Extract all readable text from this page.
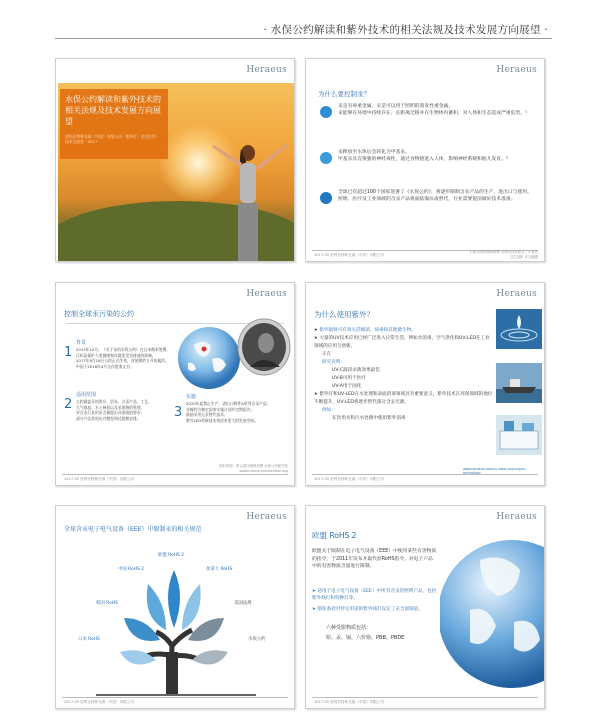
· 水俣公约解读和紫外技术的相关法规及技术发展方向展望 ·
Heraeus
水俣公约解读和紫外技术的相关法规及技术发展方向展望
贺利氏特种光源（中国）有限公司 · 紫外灯 · 光学应用 · 技术交流会 · 2017
Heraeus
为什么要控制汞？
汞是有毒重金属。汞是可以用于照明的蒸发性重金属。
汞能够在环境中持续存在、长距离迁移并在生物体内蓄积，对人体和生态造成严重危害。¹
汞释放至水体后会转化为甲基汞。
甲基汞具有很强的神经毒性，通过食物链进入人体，影响神经系统和胎儿发育。²
全球已有超过100个国家签署了《水俣公约》，将逐步限制含汞产品的生产、进出口与使用。
照明、医疗及工业领域的含汞产品将面临淘汰或替代，行业需要提前做好技术准备。
2017-05 贺利氏特种光源（中国）有限公司
1 联合国环境规划署 全球汞评估报告；2 世界卫生组织 汞与健康
Heraeus
控制全球汞污染的公约
1
背景
2013年10月，《关于汞的水俣公约》在日本熊本签署，
目标是保护人类健康和环境免受汞排放的影响。
2017年8月16日公约正式生效，首批缔约方开始履约。
中国于2016年4月交存批准文书。
2
适用范围
公约涵盖汞的供应、贸易、含汞产品、工艺、
大气排放、水土释放以及汞废物的管理。
对含汞灯具的汞含量提出具体限值要求；
部分产品类别允许豁免和过渡期安排。	3
实施
2020年起禁止生产、进出口附件A所列含汞产品；
各缔约方制定国家实施计划并定期报告；
鼓励采用无汞替代技术。
紫外LED等新技术将迎来更大的发展空间。
2017-05 贺利氏特种光源（中国）有限公司
资料来源：联合国环境规划署 水俣公约秘书处 www.mercuryconvention.org
Heraeus
为什么使用紫外？
➤ 紫外辐射可有效灭活细菌、病毒和其他微生物。
➤ 大量的UV技术应用已经广泛进入日常生活，例如水消毒、空气净化和UV-LED在工业领域的应用与创新。
正在
研究表明：
UV-C波段杀菌效果最佳
UV-B可用于医疗
UV-A用于固化
➤ 紫外灯和UV-LED在水处理和表面消毒领域具有重要意义，紫外技术在环保领域的地位不断提升，UV-LED将逐步替代部分含汞光源。
例如：
在饮用水和污水处理中使用紫外消毒
www.heraeus.com/uv www.iuva.org/uv-
2017-05 贺利氏特种光源（中国）有限公司
Heraeus
全球含汞电子电气设备（EEE）中限制汞的相关规范
欧盟 RoHS 2
中国 RoHS 2	加拿大 RoHS
韩国 RoHS	美国法规
日本 RoHS	水俣公约
2017-05 贺利氏特种光源（中国）有限公司
Heraeus
欧盟 RoHS 2
欧盟关于限制在电子电气设备（EEE）中使用某些有害物质的指令，于2011年发布并取代原RoHS指令，对电子产品中的有害物质含量进行限制。
➤ 适用于电子电气设备（EEE）中所有含汞的照明产品，包括紫外线灯和特种灯等。
➤ 豁免条款对特定用途的紫外线灯设定了汞含量限值。
六种受限物质包括：
铅、汞、镉、六价铬、PBB、PBDE
2017-05 贺利氏特种光源（中国）有限公司
